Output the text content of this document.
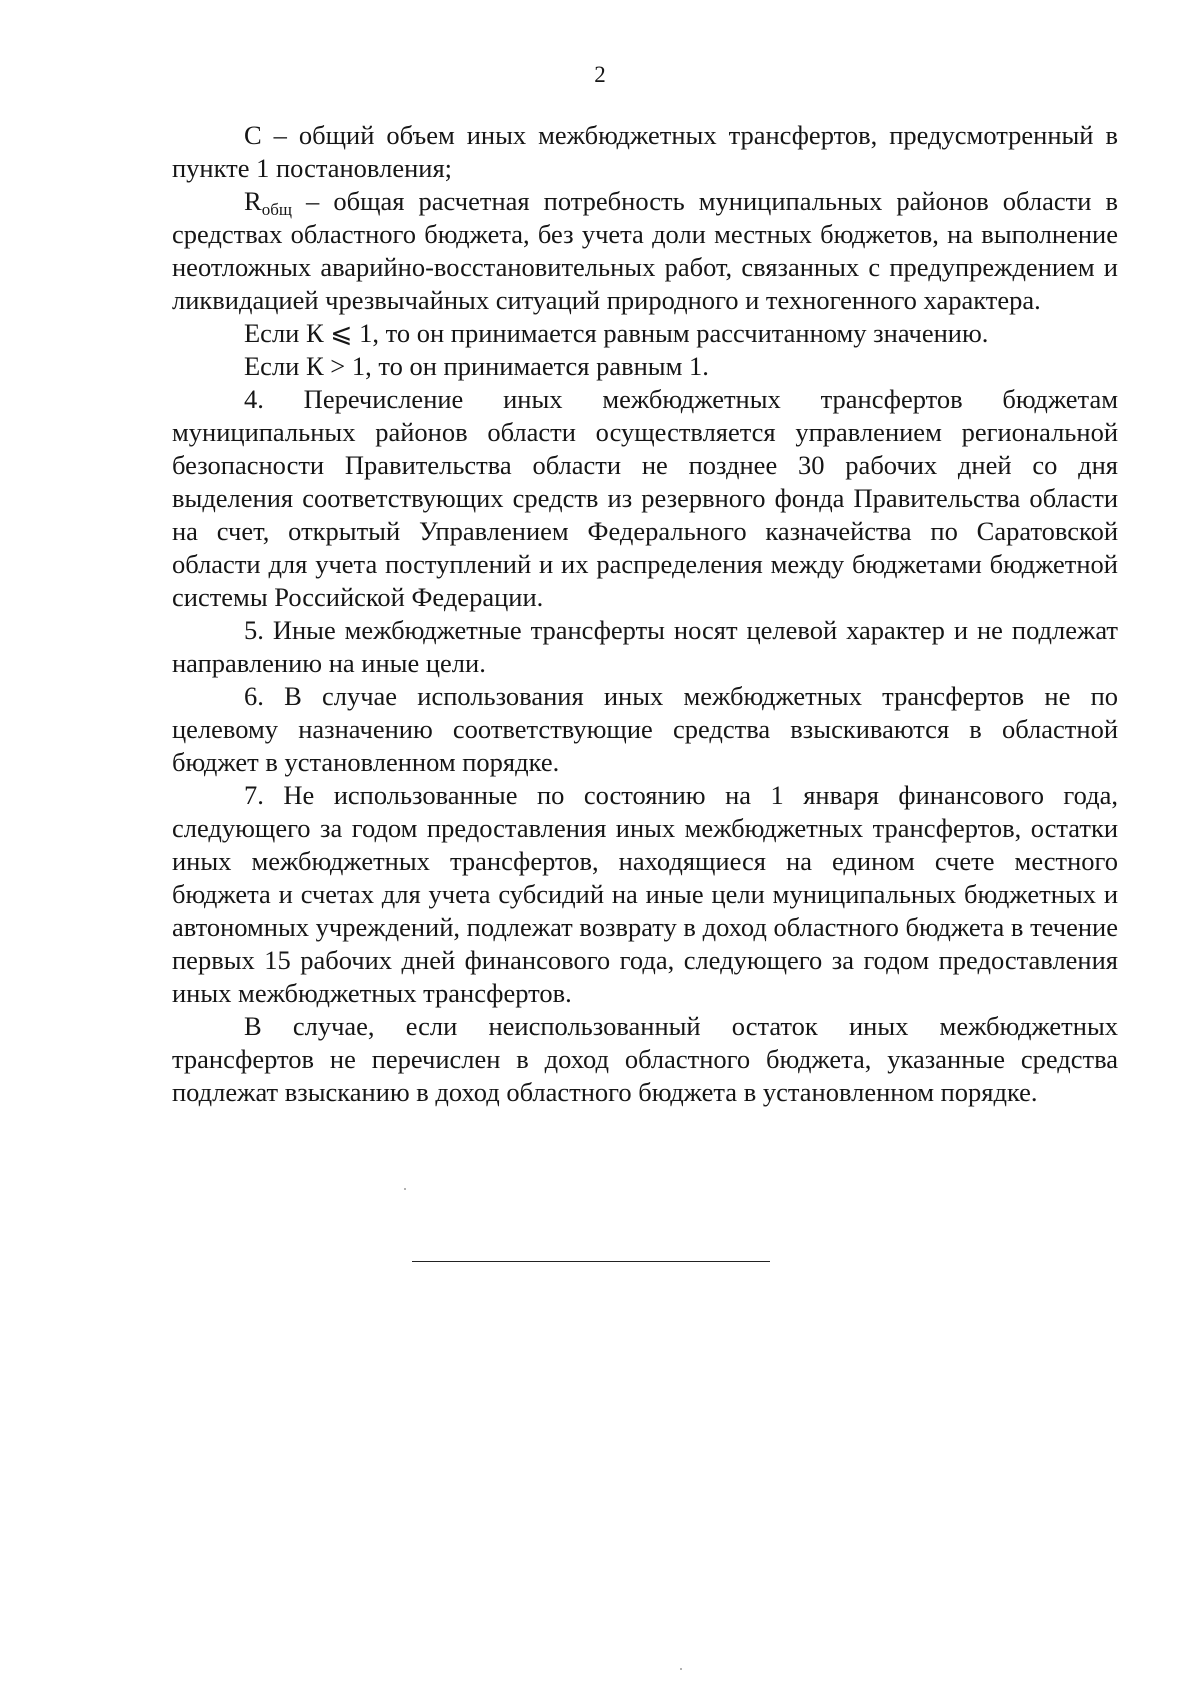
2

С – общий объем иных межбюджетных трансфертов, предусмотренный в пункте 1 постановления;

Rобщ – общая расчетная потребность муниципальных районов области в средствах областного бюджета, без учета доли местных бюджетов, на выполнение неотложных аварийно-восстановительных работ, связанных с предупреждением и ликвидацией чрезвычайных ситуаций природного и техногенного характера.

Если К ⩽ 1, то он принимается равным рассчитанному значению.

Если К > 1, то он принимается равным 1.

4. Перечисление иных межбюджетных трансфертов бюджетам муниципальных районов области осуществляется управлением региональной безопасности Правительства области не позднее 30 рабочих дней со дня выделения соответствующих средств из резервного фонда Правительства области на счет, открытый Управлением Федерального казначейства по Саратовской области для учета поступлений и их распределения между бюджетами бюджетной системы Российской Федерации.

5. Иные межбюджетные трансферты носят целевой характер и не подлежат направлению на иные цели.

6. В случае использования иных межбюджетных трансфертов не по целевому назначению соответствующие средства взыскиваются в областной бюджет в установленном порядке.

7. Не использованные по состоянию на 1 января финансового года, следующего за годом предоставления иных межбюджетных трансфертов, остатки иных межбюджетных трансфертов, находящиеся на едином счете местного бюджета и счетах для учета субсидий на иные цели муниципальных бюджетных и автономных учреждений, подлежат возврату в доход областного бюджета в течение первых 15 рабочих дней финансового года, следующего за годом предоставления иных межбюджетных трансфертов.

В случае, если неиспользованный остаток иных межбюджетных трансфертов не перечислен в доход областного бюджета, указанные средства подлежат взысканию в доход областного бюджета в установленном порядке.
